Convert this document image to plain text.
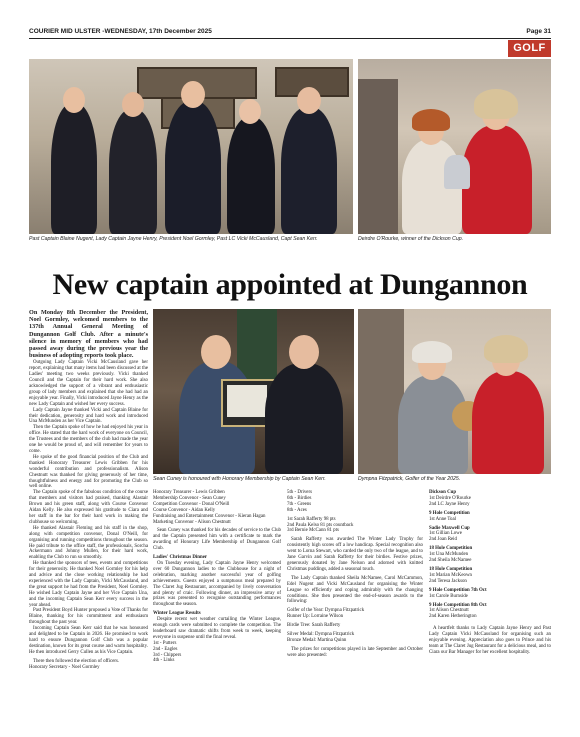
COURIER MID ULSTER -WEDNESDAY, 17th December 2025	Page 31
GOLF
Past Captain Blaine Nugent, Lady Captain Jayne Henry, President Noel Gormley, Past LC Vicki McCausland, Capt Sean Kerr.	Deirdre O'Rourke, winner of the Dickson Cup.
New captain appointed at Dungannon
Sean Cuney is honoured with Honorary Membership by Captain Sean Kerr.	Dympna Fitzpatrick, Golfer of the Year 2025.

On Monday 8th December the President, Noel Gormley, welcomed members to the 137th Annual General Meeting of Dungannon Golf Club. After a minute's silence in memory of members who had passed away during the previous year the business of adopting reports took place.

Outgoing Lady Captain Vicki McCausland gave her report, explaining that many items had been discussed at the Ladies' meeting two weeks previously. Vicki thanked Council and the Captain for their hard work. She also acknowledged the support of a vibrant and enthusiastic group of lady members and explained that she had had an enjoyable year. Finally, Vicki introduced Jayne Henry as the new Lady Captain and wished her every success.

Lady Captain Jayne thanked Vicki and Captain Blaine for their dedication, generosity and hard work and introduced Una McMunden as her Vice Captain.

Then the Captain spoke of how he had enjoyed his year in office. He stated that the hard work of everyone on Council, the Trustees and the members of the club had made the year one he would be proud of, and will remember for years to come.

He spoke of the good financial position of the Club and thanked Honorary Treasurer Lewis Gribben for his wonderful contribution and professionalism. Alison Chestnutt was thanked for giving generously of her time, thoughtfulness and energy and for promoting the Club so well online.

The Captain spoke of the fabulous condition of the course that members and visitors had praised, thanking Alastair Brown and his green staff, along with Course Convenor Aidan Kelly. He also expressed his gratitude to Ciara and her staff in the bar for their hard work in making the clubhouse so welcoming.

He thanked Alastair Fleming and his staff in the shop, along with competition convenor, Donal O'Neill, for organising and running competitions throughout the season. He paid tribute to the office staff, the professionals, Sorcha Ackermann and Johnny Mullen, for their hard work, enabling the Club to run so smoothly.

He thanked the sponsors of tees, events and competitions for their generosity. He thanked Noel Gormley for his help and advice and the close working relationship he had experienced with the Lady Captain, Vicki McCausland, and the great support he had from the President, Noel Gormley. He wished Lady Captain Jayne and her Vice Captain Una, and the incoming Captain Sean Kerr every success in the year ahead.

Past President Boyd Hunter proposed a Vote of Thanks for Blaine, thanking for his commitment and enthusiasm throughout the past year.

Incoming Captain Sean Kerr said that he was honoured and delighted to be Captain in 2026. He promised to work hard to ensure Dungannon Golf Club was a popular destination, known for its great course and warm hospitality. He then introduced Gerry Cullen as his Vice Captain.

There then followed the election of officers.

Honorary Secretary - Noel Gormley
Honorary Treasurer - Lewis Gribben
Membership Convenor - Sean Cuney
Competition Convenor - Donal O'Neill
Course Convenor - Aidan Kelly
Fundraising and Entertainment Convenor - Kieran Hagan
Marketing Convenor - Alison Chestnutt

Sean Cuney was thanked for his decades of service to the Club and the Captain presented him with a certificate to mark the awarding of Honorary Life Membership of Dungannon Golf Club.

Ladies' Christmas Dinner

On Tuesday evening, Lady Captain Jayne Henry welcomed over 60 Dungannon ladies to the Clubhouse for a night of celebration, marking another successful year of golfing achievements. Guests enjoyed a sumptuous meal prepared by The Claret Jug Restaurant, accompanied by lively conversation and plenty of craic. Following dinner, an impressive array of prizes was presented to recognise outstanding performances throughout the season.

Winter League Results

Despite recent wet weather curtailing the Winter League, enough cards were submitted to complete the competition. The leaderboard saw dramatic shifts from week to week, keeping everyone in suspense until the final reveal.

1st - Putters
2nd - Eagles
3rd - Chippers
4th - Links
5th - Drivers
6th - Birdies
7th - Greens
8th - Aces
1st Sarah Rafferty 98 pts
2nd Paula Kelso 81 pts countback
3rd Bernie McCann 81 pts

Sarah Rafferty was awarded The Winter Lady Trophy for consistently high scores off a low handicap. Special recognition also went to Lorna Stewart, who carded the only two of the league, and to Jane Garvin and Sarah Rafferty for their birdies. Festive prizes, generously donated by Jane Nelson and adorned with knitted Christmas puddings, added a seasonal touch.

The Lady Captain thanked Sheila McNamee, Carol McCammon, Edel Nugent and Vicki McCausland for organising the Winter League so efficiently and coping admirably with the changing conditions. She then presented the end-of-season awards to the following:

Golfer of the Year: Dympna Fitzpatrick
Runner Up: Lorraine Wilson
Birdie Tree: Sarah Rafferty
Silver Medal: Dympna Fitzpatrick
Bronze Medal: Martina Quinn

The prizes for competitions played in late September and October were also presented:

Dickson Cup
1st Deirdre O'Rourke
2nd LC Jayne Henry
9 Hole Competition
1st Anne Toal
Sadie Maxwell Cup
1st Gillian Lowe
2nd Joan Reid
18 Hole Competition
1st Una McMunden
2nd Sheila McNamee
18 Hole Competition
1st Marian McKeown
2nd Teresa Jackson
9 Hole Competition 7th Oct
1st Carole Burnside
9 Hole Competition 8th Oct
1st Alison Chestnutt
2nd Karen Hetherington

A heartfelt thanks to Lady Captain Jayne Henry and Past Lady Captain Vicki McCausland for organising such an enjoyable evening. Appreciation also goes to Prince and his team at The Claret Jug Restaurant for a delicious meal, and to Ciara our Bar Manager for her excellent hospitality.
